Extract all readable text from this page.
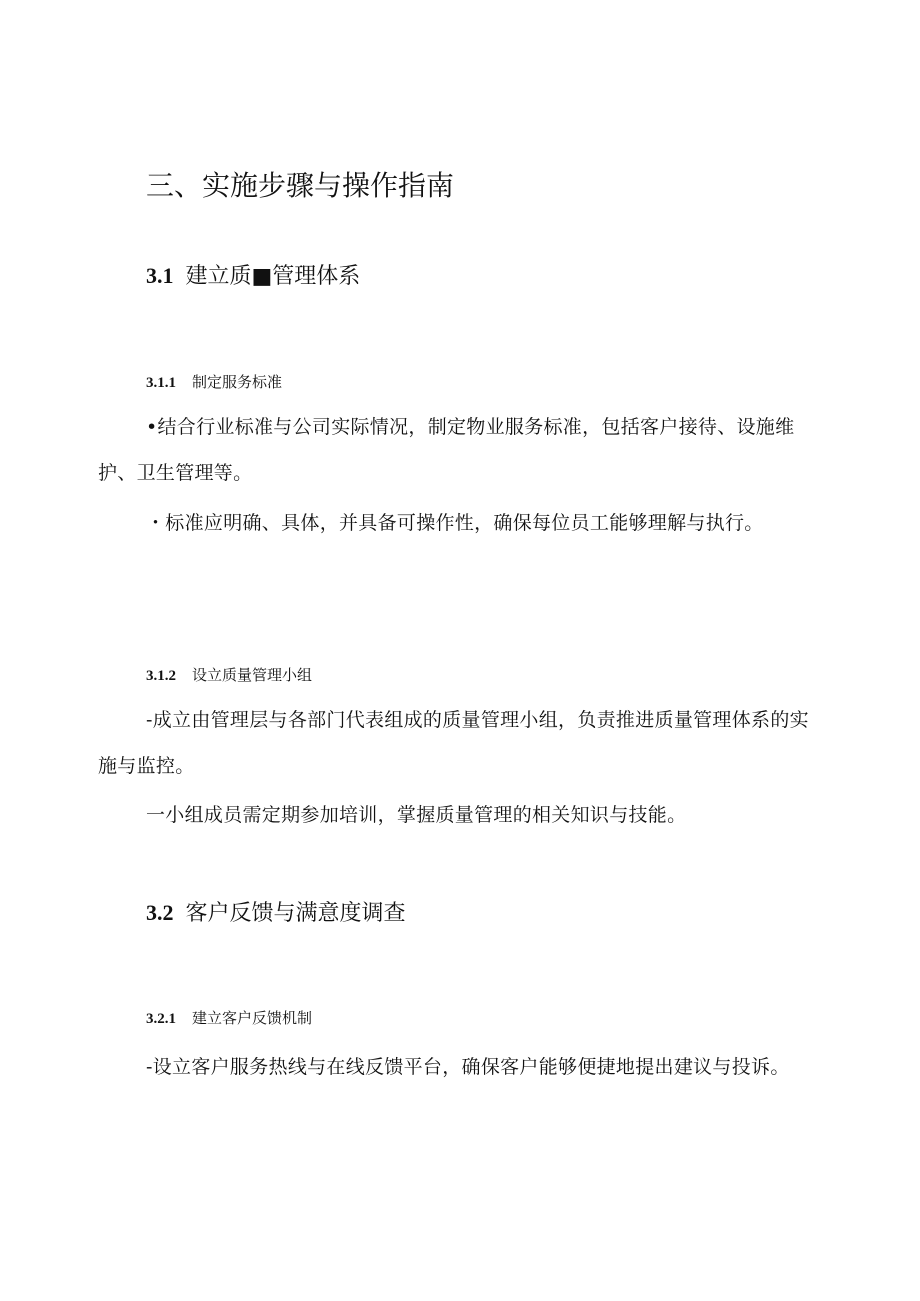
三、实施步骤与操作指南
3.1 建立质■管理体系
3.1.1 制定服务标准

•结合行业标准与公司实际情况，制定物业服务标准，包括客户接待、设施维护、卫生管理等。

・标准应明确、具体，并具备可操作性，确保每位员工能够理解与执行。

3.1.2 设立质量管理小组

-成立由管理层与各部门代表组成的质量管理小组，负责推进质量管理体系的实施与监控。

一小组成员需定期参加培训，掌握质量管理的相关知识与技能。

3.2 客户反馈与满意度调查
3.2.1 建立客户反馈机制

-设立客户服务热线与在线反馈平台，确保客户能够便捷地提出建议与投诉。
